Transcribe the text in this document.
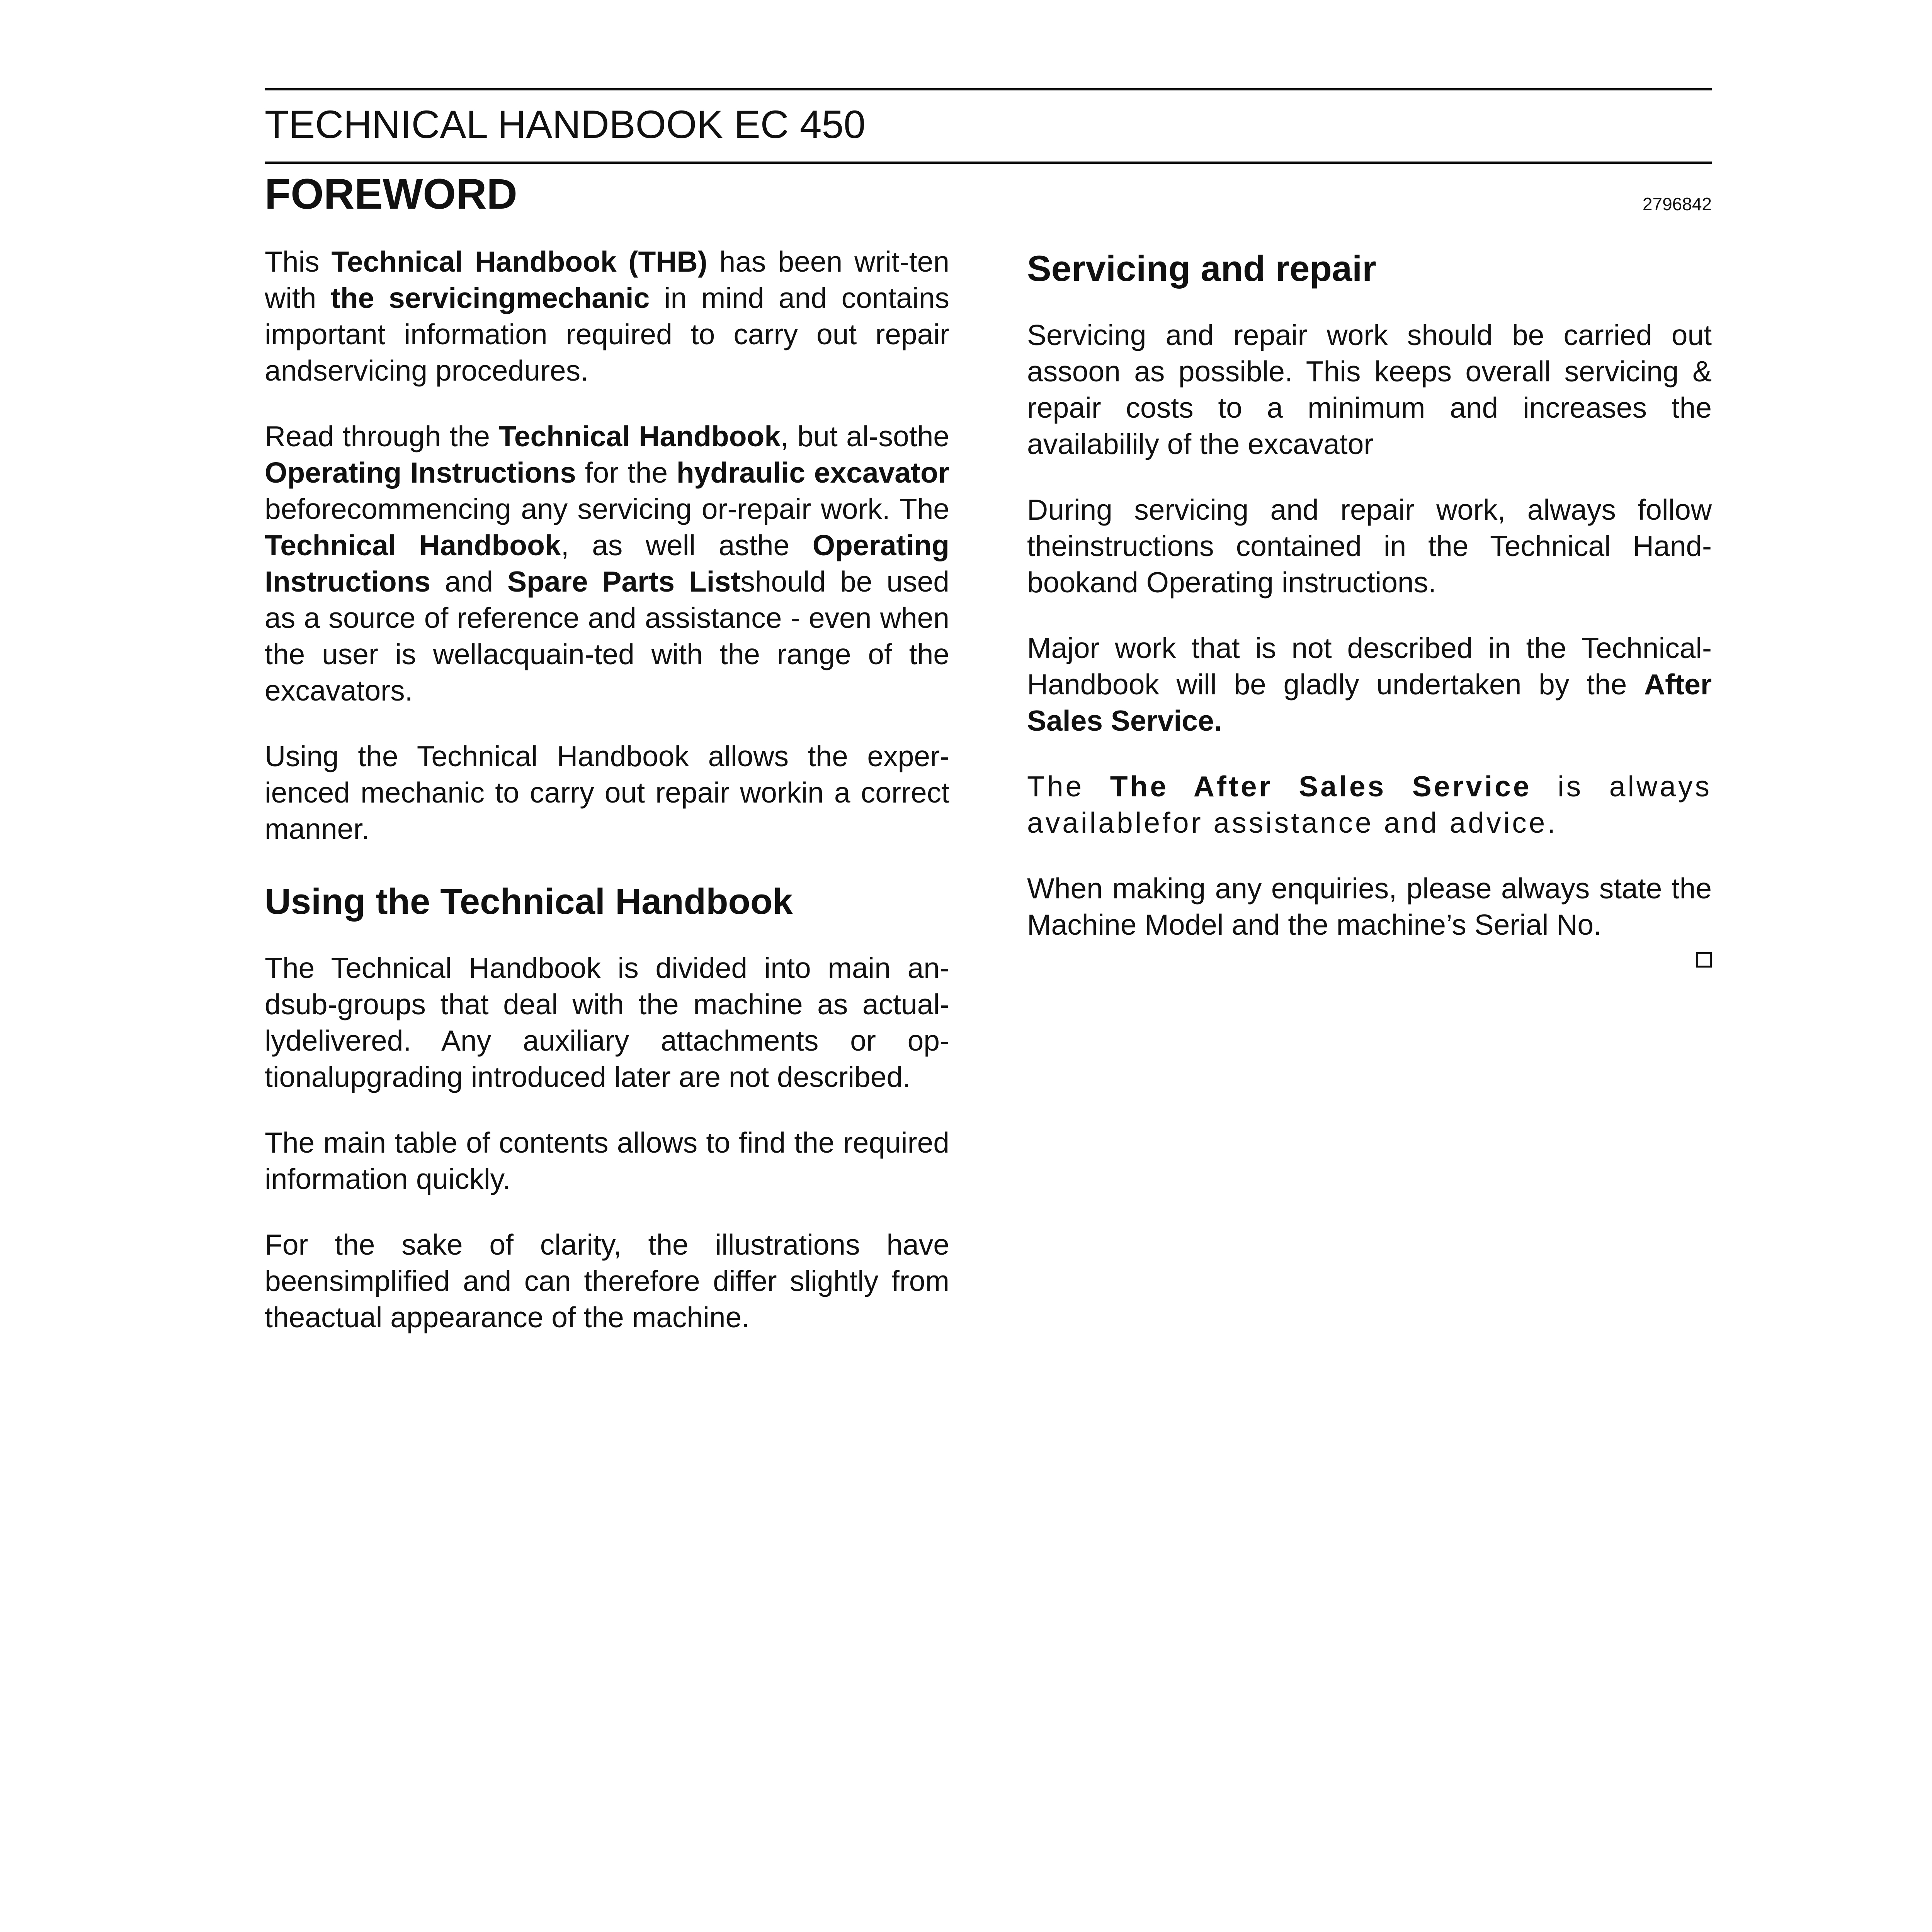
TECHNICAL HANDBOOK EC 450
FOREWORD	2796842

This Technical Handbook (THB) has been writ-ten with the servicingmechanic in mind and contains important information required to carry out repair andservicing procedures.

Read through the Technical Handbook, but al-sothe Operating Instructions for the hydraulic excavator beforecommencing any servicing or-repair work. The Technical Handbook, as well asthe Operating Instructions and Spare Parts Listshould be used as a source of reference and assistance - even when the user is wellacquain-ted with the range of the excavators.

Using the Technical Handbook allows the exper-ienced mechanic to carry out repair workin a correct manner.

Using the Technical Handbook

The Technical Handbook is divided into main an-dsub-groups that deal with the machine as actual-lydelivered. Any auxiliary attachments or op-tionalupgrading introduced later are not described.

The main table of contents allows to find the required information quickly.

For the sake of clarity, the illustrations have beensimplified and can therefore differ slightly from theactual appearance of the machine.

Servicing and repair

Servicing and repair work should be carried out assoon as possible. This keeps overall servicing & repair costs to a minimum and increases the availabilily of the excavator

During servicing and repair work, always follow theinstructions contained in the Technical Hand-bookand Operating instructions.

Major work that is not described in the Technical-Handbook will be gladly undertaken by the After Sales Service.

The The After Sales Service is always availablefor assistance and advice.

When making any enquiries, please always state the Machine Model and the machine’s Serial No.
